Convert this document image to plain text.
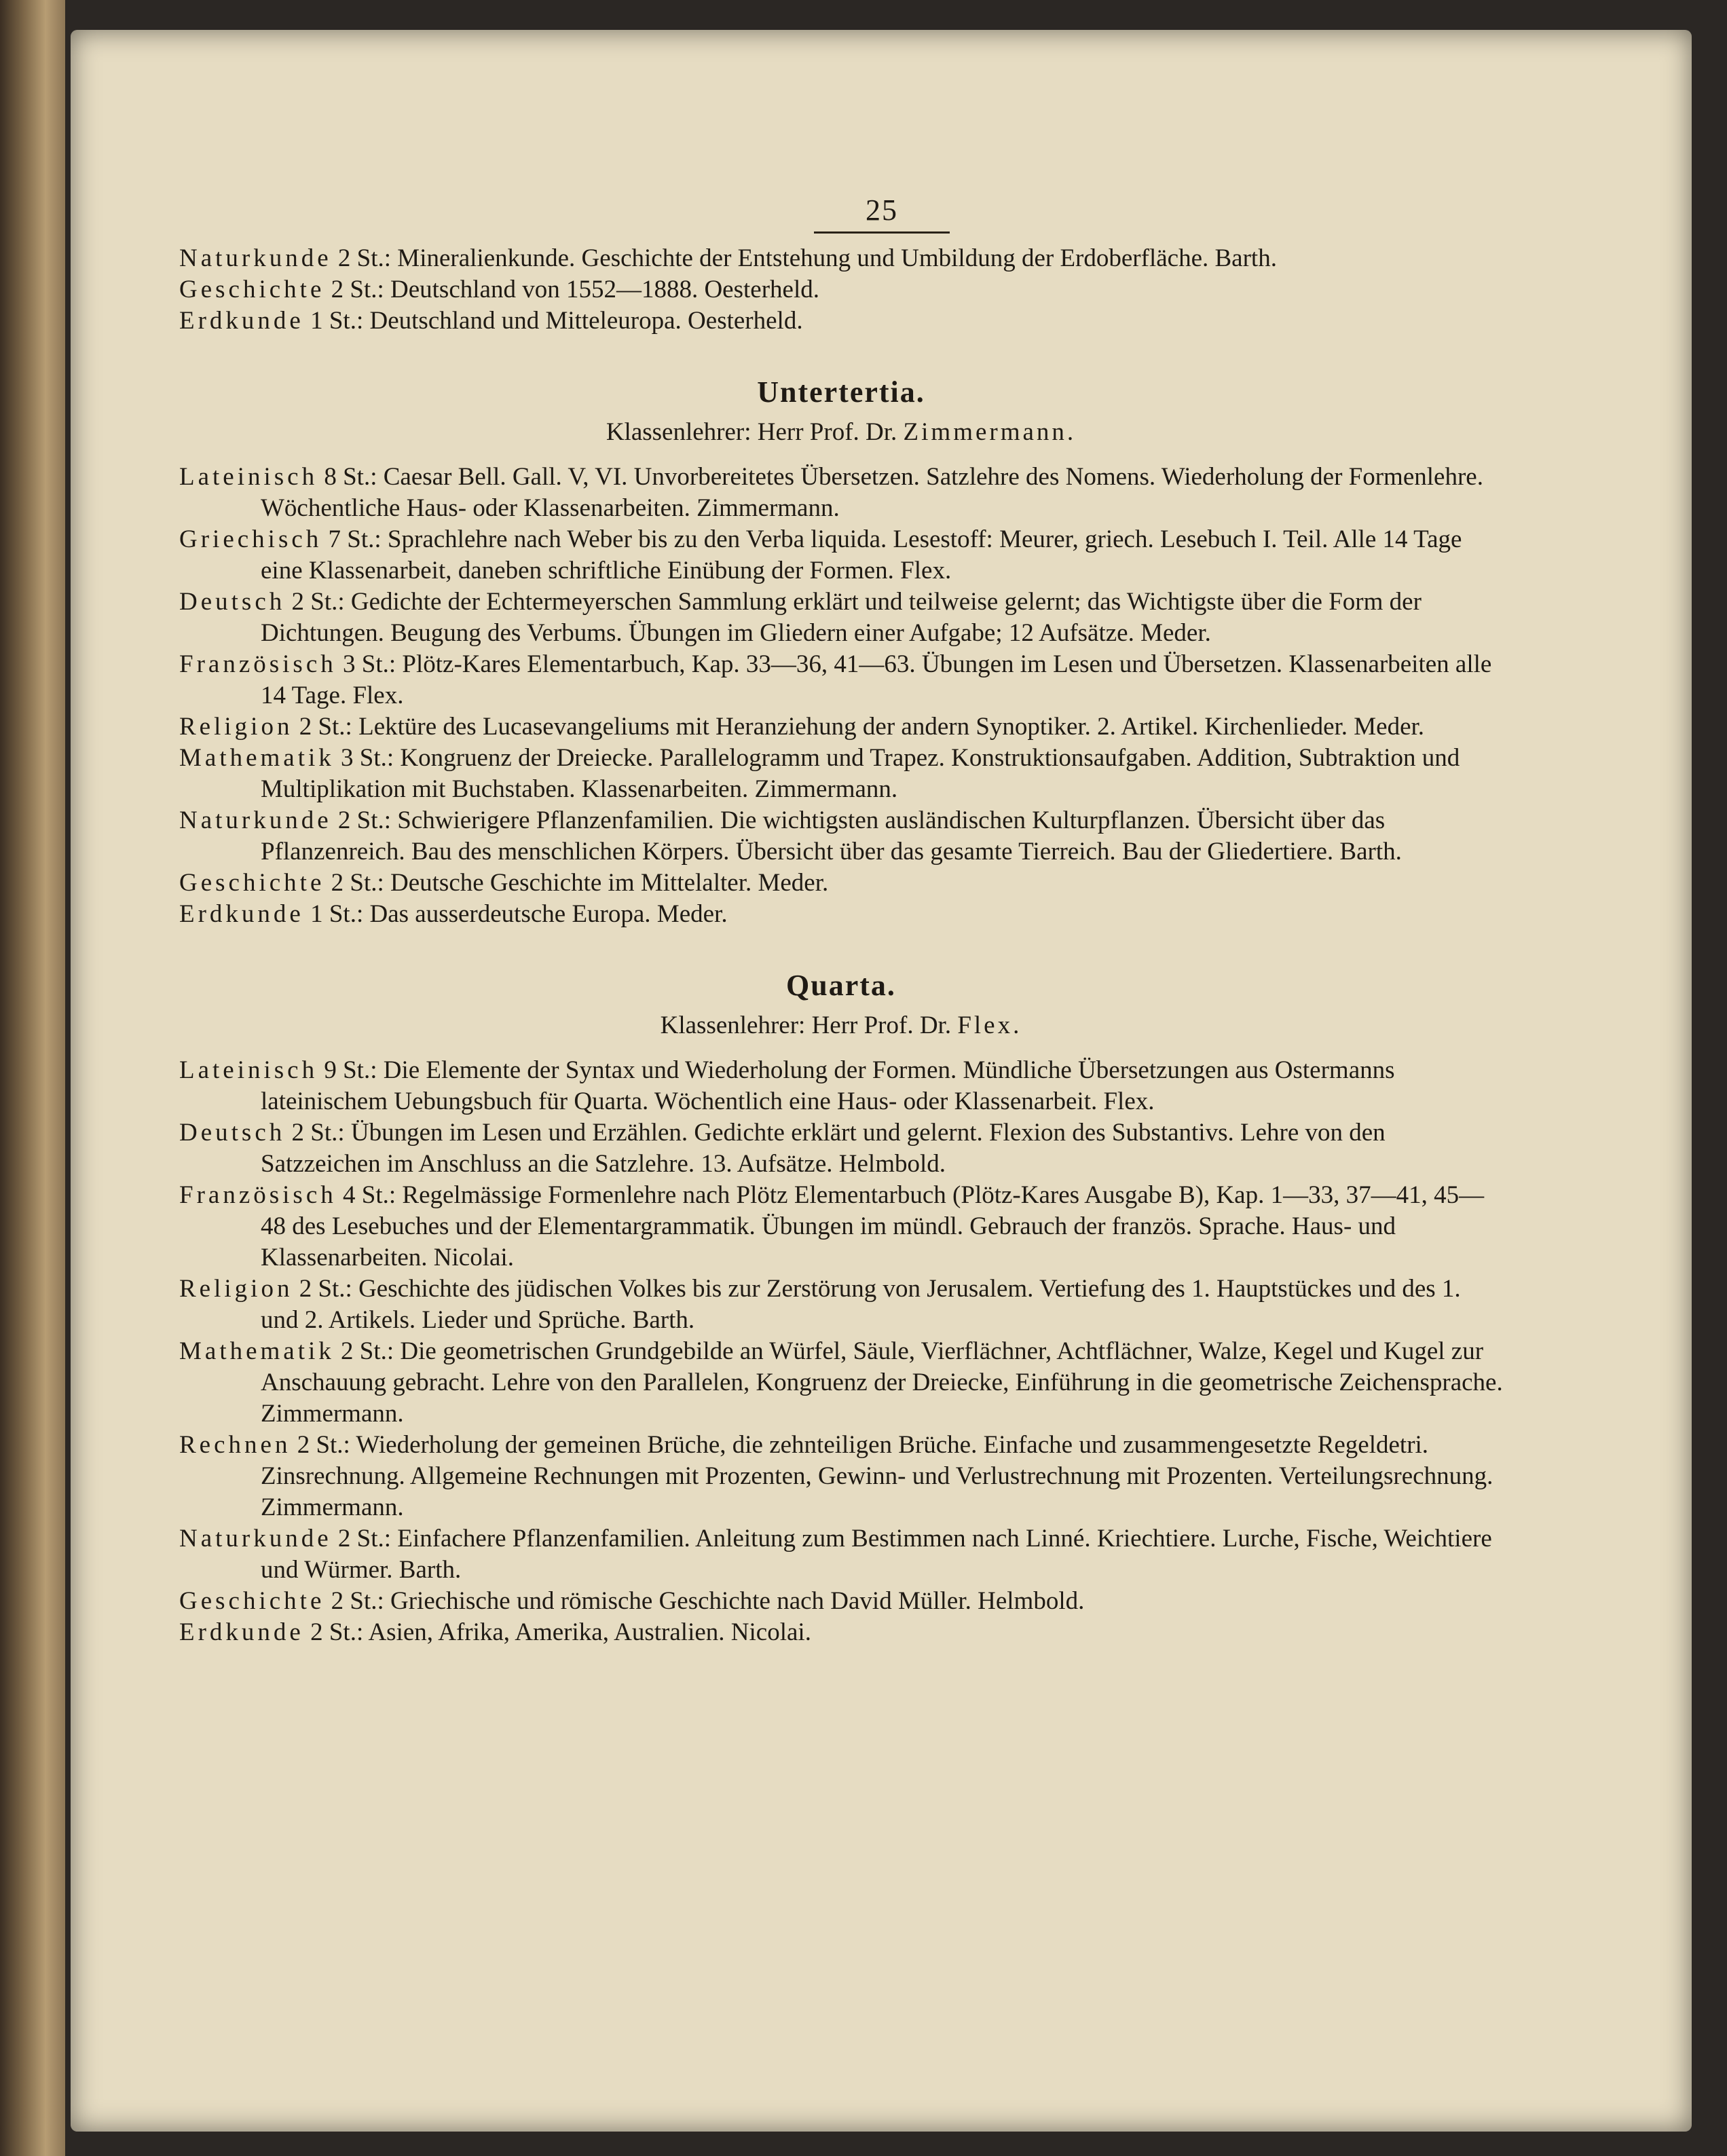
25

Naturkunde 2 St.: Mineralienkunde. Geschichte der Entstehung und Umbildung der Erdoberfläche. Barth.

Geschichte 2 St.: Deutschland von 1552—1888. Oesterheld.

Erdkunde 1 St.: Deutschland und Mitteleuropa. Oesterheld.

Untertertia.

Klassenlehrer: Herr Prof. Dr. Zimmermann.

Lateinisch 8 St.: Caesar Bell. Gall. V, VI. Unvorbereitetes Übersetzen. Satzlehre des Nomens. Wiederholung der Formenlehre. Wöchentliche Haus- oder Klassenarbeiten. Zimmermann.

Griechisch 7 St.: Sprachlehre nach Weber bis zu den Verba liquida. Lesestoff: Meurer, griech. Lesebuch I. Teil. Alle 14 Tage eine Klassenarbeit, daneben schriftliche Einübung der Formen. Flex.

Deutsch 2 St.: Gedichte der Echtermeyerschen Sammlung erklärt und teilweise gelernt; das Wichtigste über die Form der Dichtungen. Beugung des Verbums. Übungen im Gliedern einer Aufgabe; 12 Aufsätze. Meder.

Französisch 3 St.: Plötz-Kares Elementarbuch, Kap. 33—36, 41—63. Übungen im Lesen und Übersetzen. Klassenarbeiten alle 14 Tage. Flex.

Religion 2 St.: Lektüre des Lucasevangeliums mit Heranziehung der andern Synoptiker. 2. Artikel. Kirchenlieder. Meder.

Mathematik 3 St.: Kongruenz der Dreiecke. Parallelogramm und Trapez. Konstruktionsaufgaben. Addition, Subtraktion und Multiplikation mit Buchstaben. Klassenarbeiten. Zimmermann.

Naturkunde 2 St.: Schwierigere Pflanzenfamilien. Die wichtigsten ausländischen Kulturpflanzen. Übersicht über das Pflanzenreich. Bau des menschlichen Körpers. Übersicht über das gesamte Tierreich. Bau der Gliedertiere. Barth.

Geschichte 2 St.: Deutsche Geschichte im Mittelalter. Meder.

Erdkunde 1 St.: Das ausserdeutsche Europa. Meder.

Quarta.

Klassenlehrer: Herr Prof. Dr. Flex.

Lateinisch 9 St.: Die Elemente der Syntax und Wiederholung der Formen. Mündliche Übersetzungen aus Ostermanns lateinischem Uebungsbuch für Quarta. Wöchentlich eine Haus- oder Klassenarbeit. Flex.

Deutsch 2 St.: Übungen im Lesen und Erzählen. Gedichte erklärt und gelernt. Flexion des Substantivs. Lehre von den Satzzeichen im Anschluss an die Satzlehre. 13. Aufsätze. Helmbold.

Französisch 4 St.: Regelmässige Formenlehre nach Plötz Elementarbuch (Plötz-Kares Ausgabe B), Kap. 1—33, 37—41, 45—48 des Lesebuches und der Elementargrammatik. Übungen im mündl. Gebrauch der französ. Sprache. Haus- und Klassenarbeiten. Nicolai.

Religion 2 St.: Geschichte des jüdischen Volkes bis zur Zerstörung von Jerusalem. Vertiefung des 1. Hauptstückes und des 1. und 2. Artikels. Lieder und Sprüche. Barth.

Mathematik 2 St.: Die geometrischen Grundgebilde an Würfel, Säule, Vierflächner, Achtflächner, Walze, Kegel und Kugel zur Anschauung gebracht. Lehre von den Parallelen, Kongruenz der Dreiecke, Einführung in die geometrische Zeichensprache. Zimmermann.

Rechnen 2 St.: Wiederholung der gemeinen Brüche, die zehnteiligen Brüche. Einfache und zusammengesetzte Regeldetri. Zinsrechnung. Allgemeine Rechnungen mit Prozenten, Gewinn- und Verlustrechnung mit Prozenten. Verteilungsrechnung. Zimmermann.

Naturkunde 2 St.: Einfachere Pflanzenfamilien. Anleitung zum Bestimmen nach Linné. Kriechtiere. Lurche, Fische, Weichtiere und Würmer. Barth.

Geschichte 2 St.: Griechische und römische Geschichte nach David Müller. Helmbold.

Erdkunde 2 St.: Asien, Afrika, Amerika, Australien. Nicolai.
